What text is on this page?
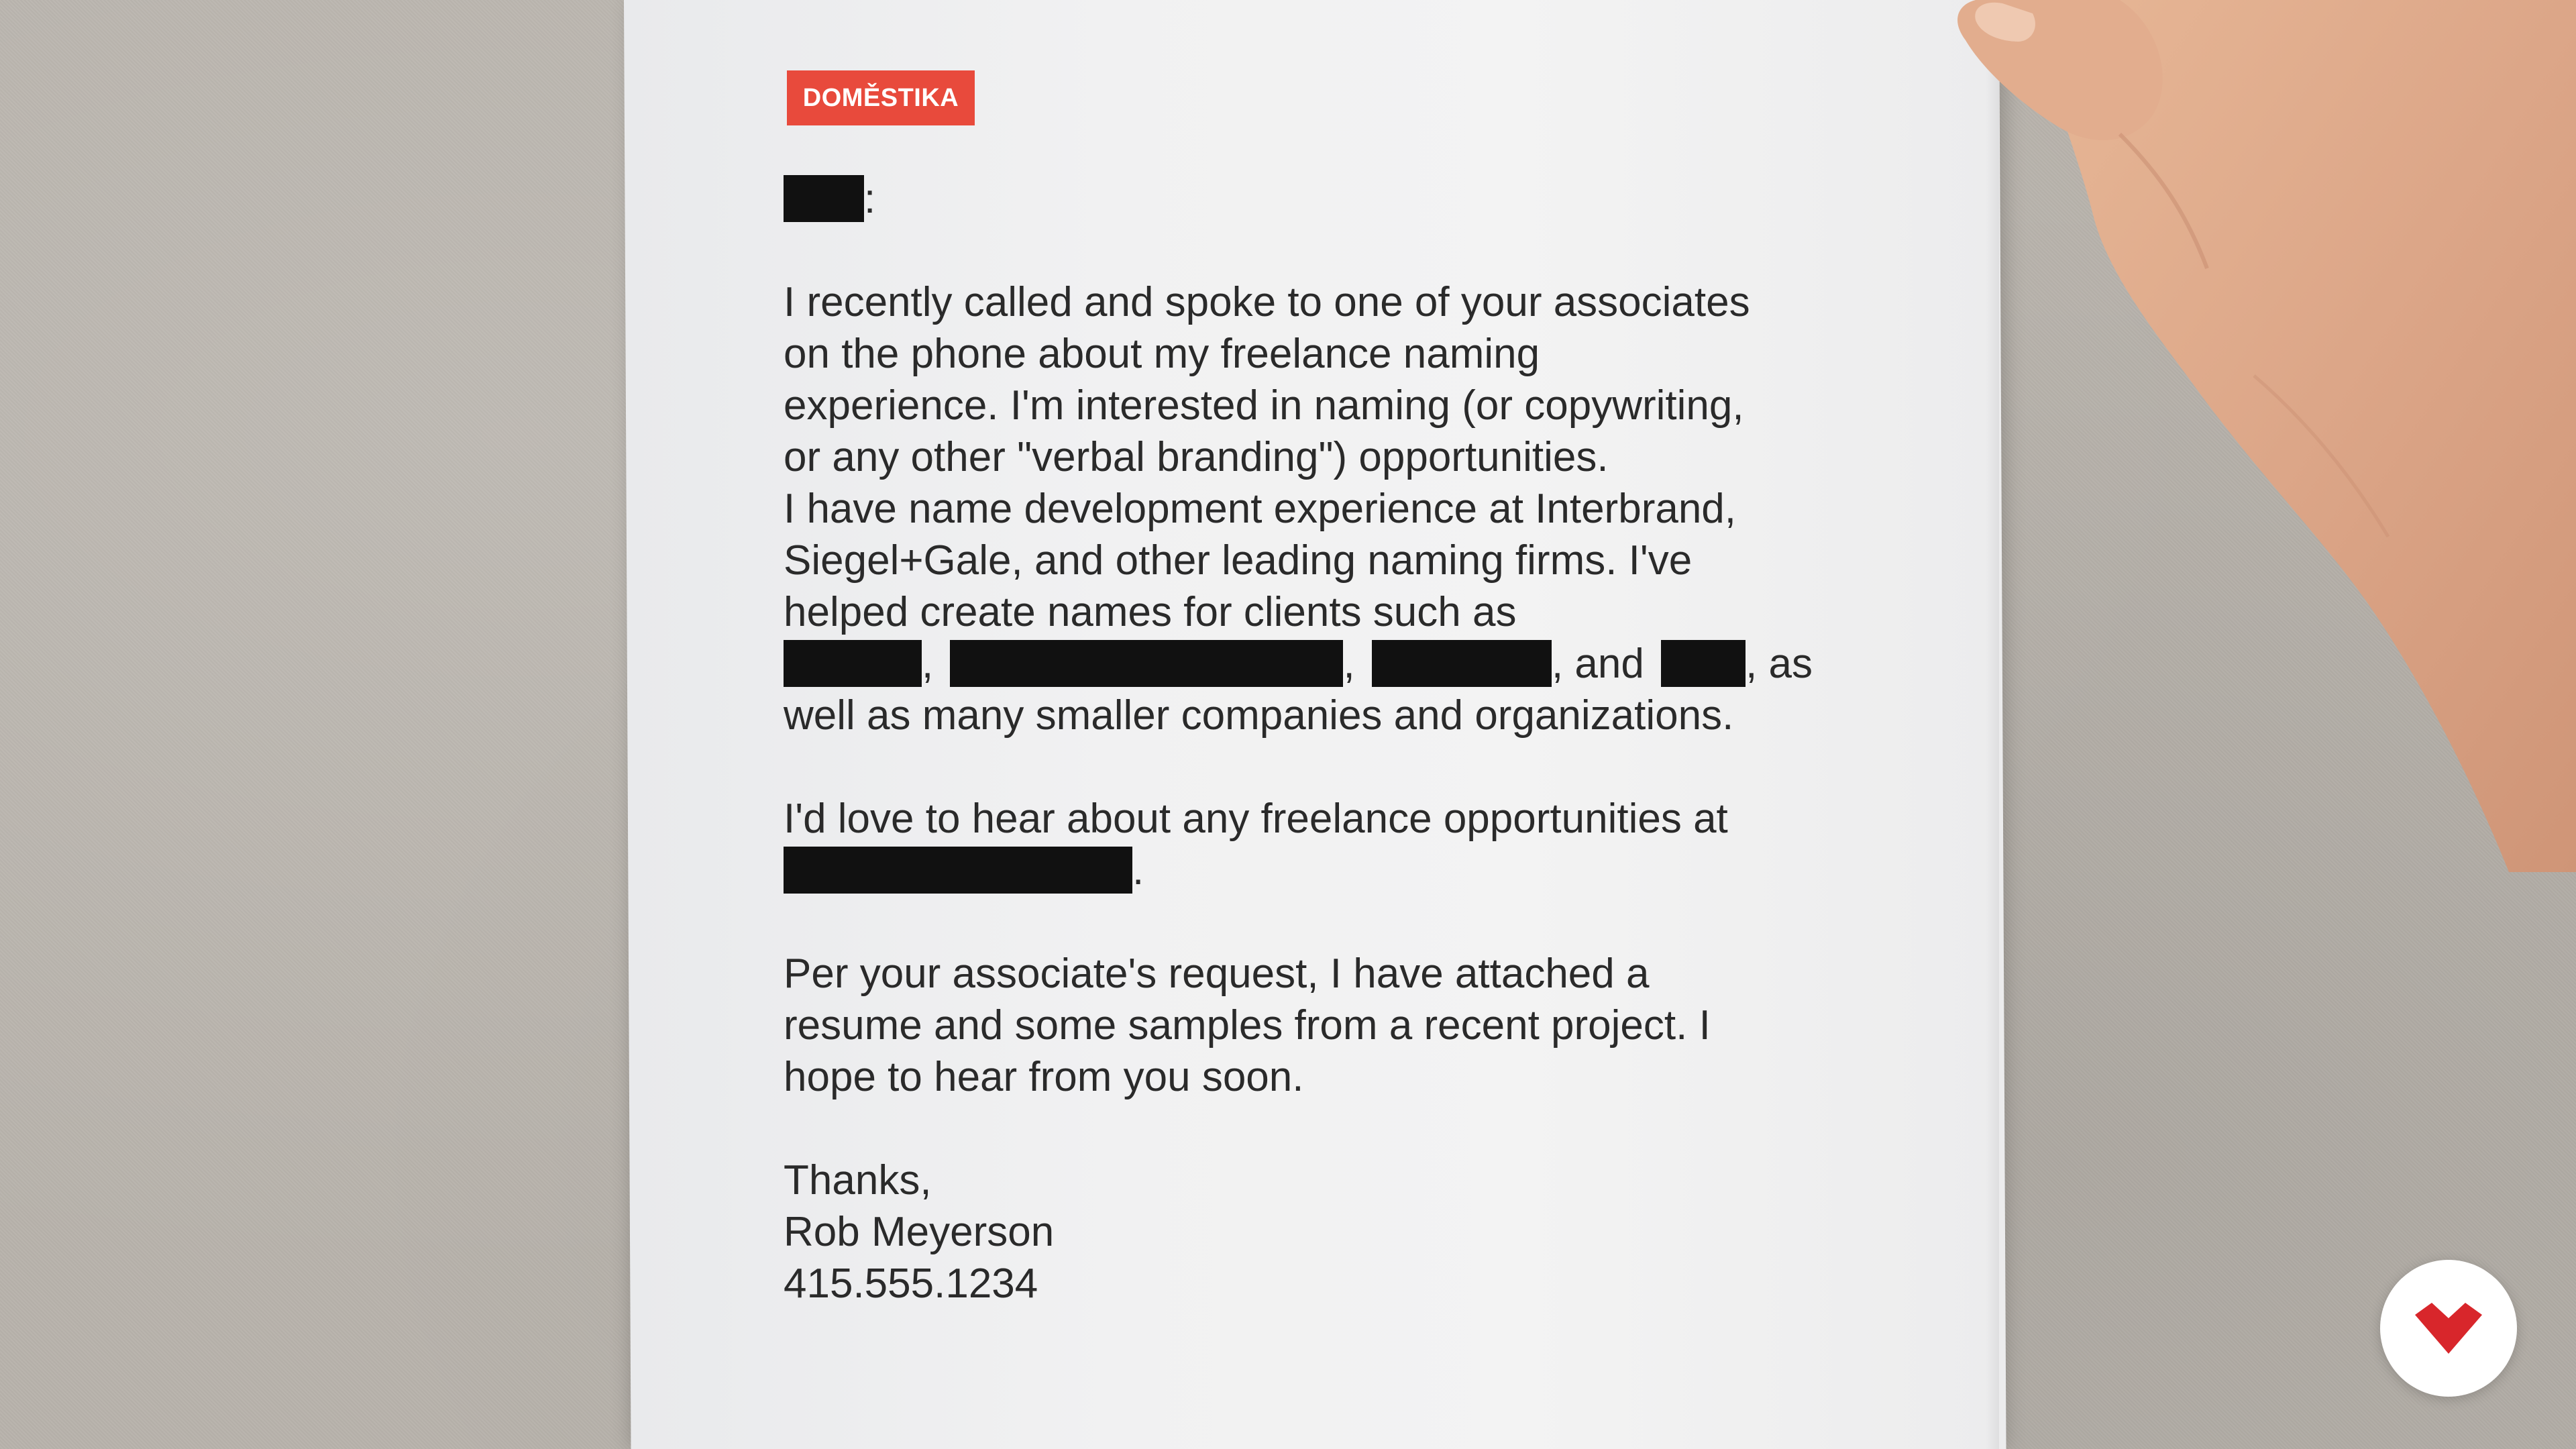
DOMĚSTIKA
:
I recently called and spoke to one of your associates
on the phone about my freelance naming
experience. I'm interested in naming (or copywriting,
or any other "verbal branding") opportunities.
I have name development experience at Interbrand,
Siegel+Gale, and other leading naming firms. I've
helped create names for clients such as
,	,	, and , as
well as many smaller companies and organizations.
I'd love to hear about any freelance opportunities at
.
Per your associate's request, I have attached a
resume and some samples from a recent project. I
hope to hear from you soon.
Thanks,
Rob Meyerson
415.555.1234
